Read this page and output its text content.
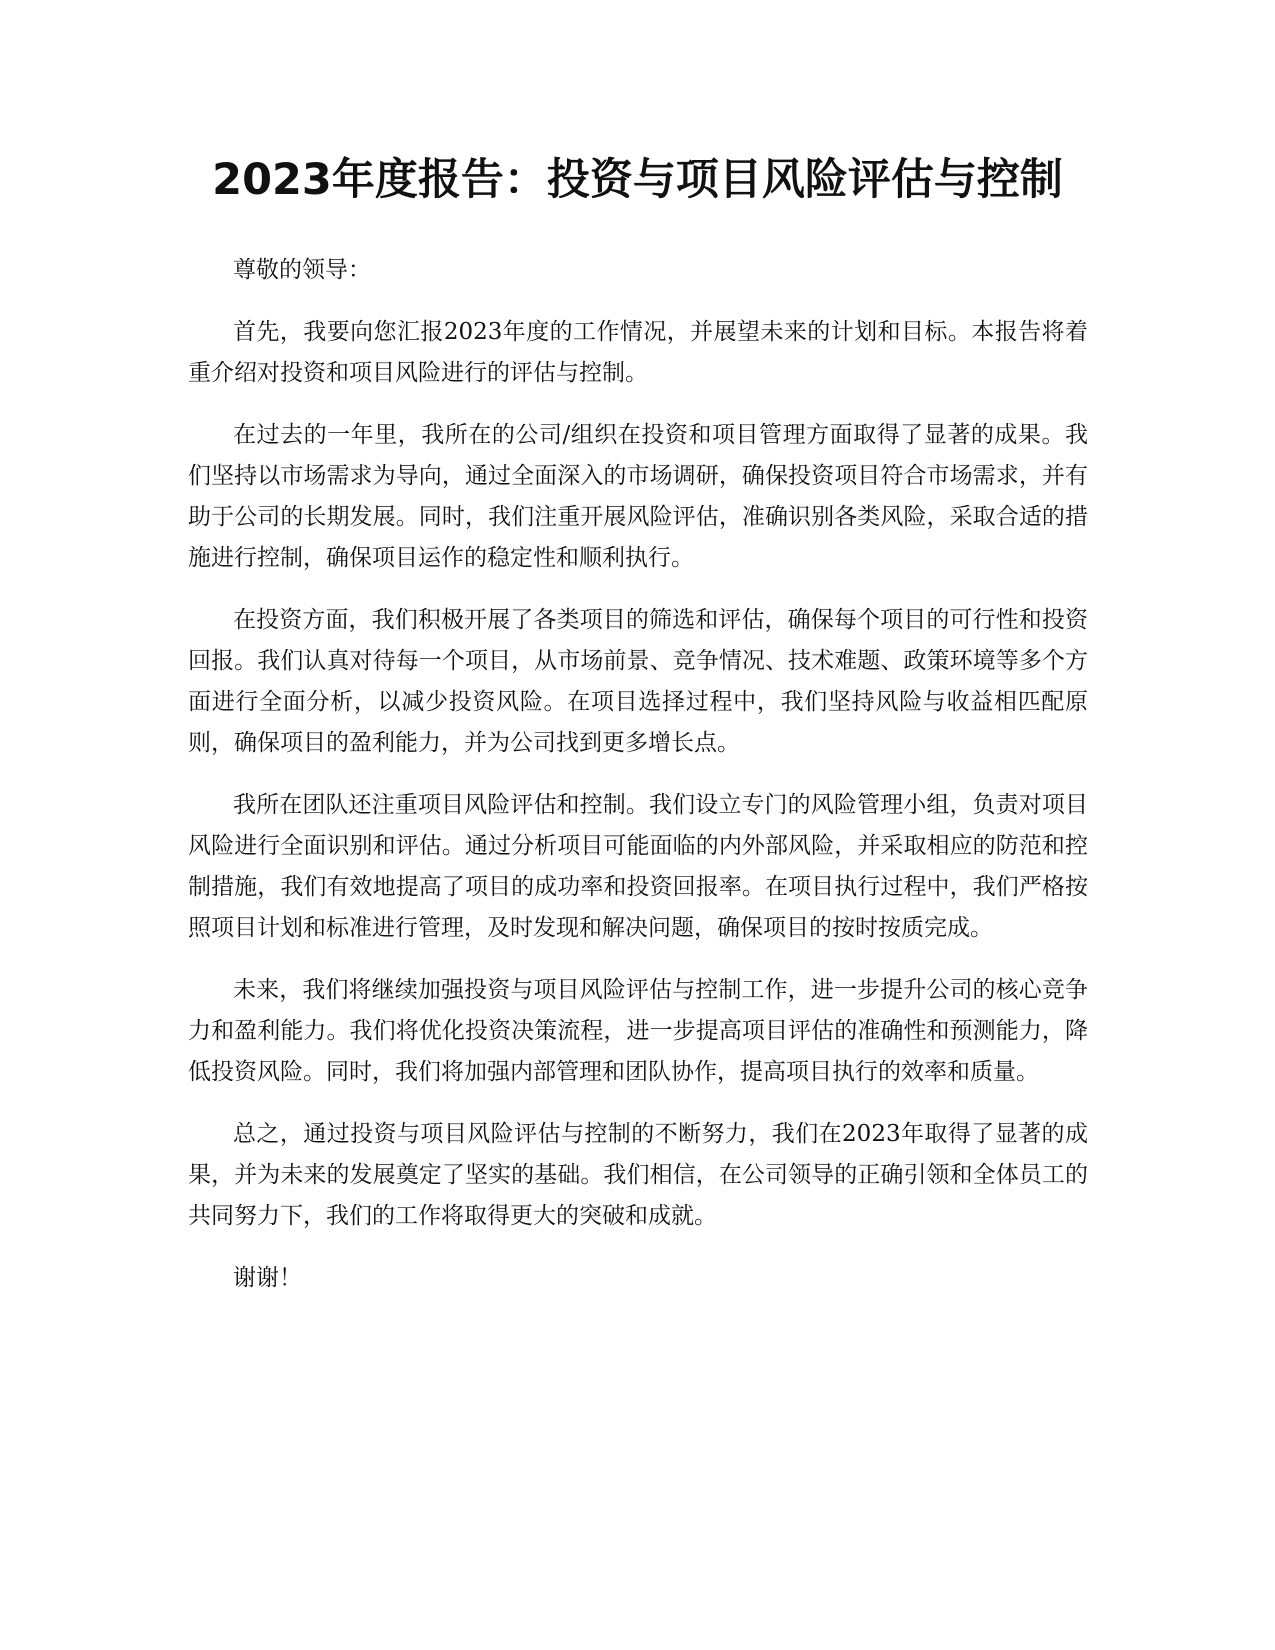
2023年度报告：投资与项目风险评估与控制

尊敬的领导：

首先，我要向您汇报2023年度的工作情况，并展望未来的计划和目标。本报告将着重介绍对投资和项目风险进行的评估与控制。

在过去的一年里，我所在的公司/组织在投资和项目管理方面取得了显著的成果。我们坚持以市场需求为导向，通过全面深入的市场调研，确保投资项目符合市场需求，并有助于公司的长期发展。同时，我们注重开展风险评估，准确识别各类风险，采取合适的措施进行控制，确保项目运作的稳定性和顺利执行。

在投资方面，我们积极开展了各类项目的筛选和评估，确保每个项目的可行性和投资回报。我们认真对待每一个项目，从市场前景、竞争情况、技术难题、政策环境等多个方面进行全面分析，以减少投资风险。在项目选择过程中，我们坚持风险与收益相匹配原则，确保项目的盈利能力，并为公司找到更多增长点。

我所在团队还注重项目风险评估和控制。我们设立专门的风险管理小组，负责对项目风险进行全面识别和评估。通过分析项目可能面临的内外部风险，并采取相应的防范和控制措施，我们有效地提高了项目的成功率和投资回报率。在项目执行过程中，我们严格按照项目计划和标准进行管理，及时发现和解决问题，确保项目的按时按质完成。

未来，我们将继续加强投资与项目风险评估与控制工作，进一步提升公司的核心竞争力和盈利能力。我们将优化投资决策流程，进一步提高项目评估的准确性和预测能力，降低投资风险。同时，我们将加强内部管理和团队协作，提高项目执行的效率和质量。

总之，通过投资与项目风险评估与控制的不断努力，我们在2023年取得了显著的成果，并为未来的发展奠定了坚实的基础。我们相信，在公司领导的正确引领和全体员工的共同努力下，我们的工作将取得更大的突破和成就。

谢谢！
